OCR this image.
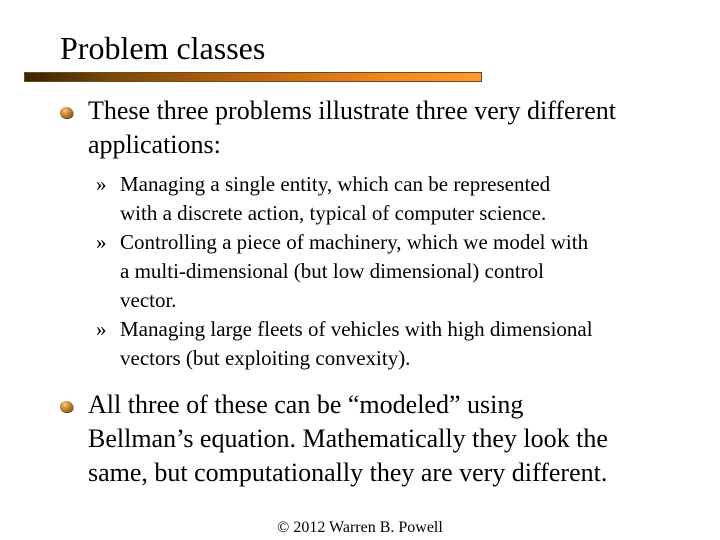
Problem classes
These three problems illustrate three very different
applications:
» Managing a single entity, which can be represented
with a discrete action, typical of computer science.
» Controlling a piece of machinery, which we model with
a multi-dimensional (but low dimensional) control
vector.
» Managing large fleets of vehicles with high dimensional
vectors (but exploiting convexity).
All three of these can be “modeled” using
Bellman’s equation. Mathematically they look the
same, but computationally they are very different.
© 2012 Warren B. Powell
